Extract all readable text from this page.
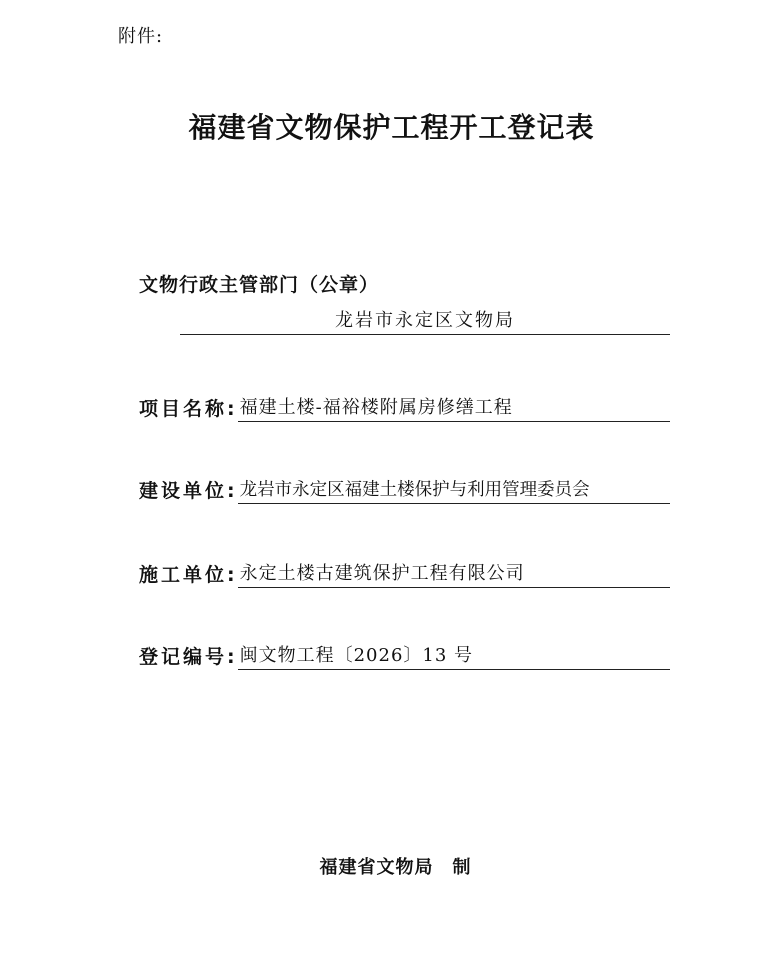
附件:
福建省文物保护工程开工登记表
文物行政主管部门（公章）
龙岩市永定区文物局
项目名称: 福建土楼-福裕楼附属房修缮工程
建设单位: 龙岩市永定区福建土楼保护与利用管理委员会
施工单位: 永定土楼古建筑保护工程有限公司
登记编号: 闽文物工程〔2026〕13 号
福建省文物局　制
